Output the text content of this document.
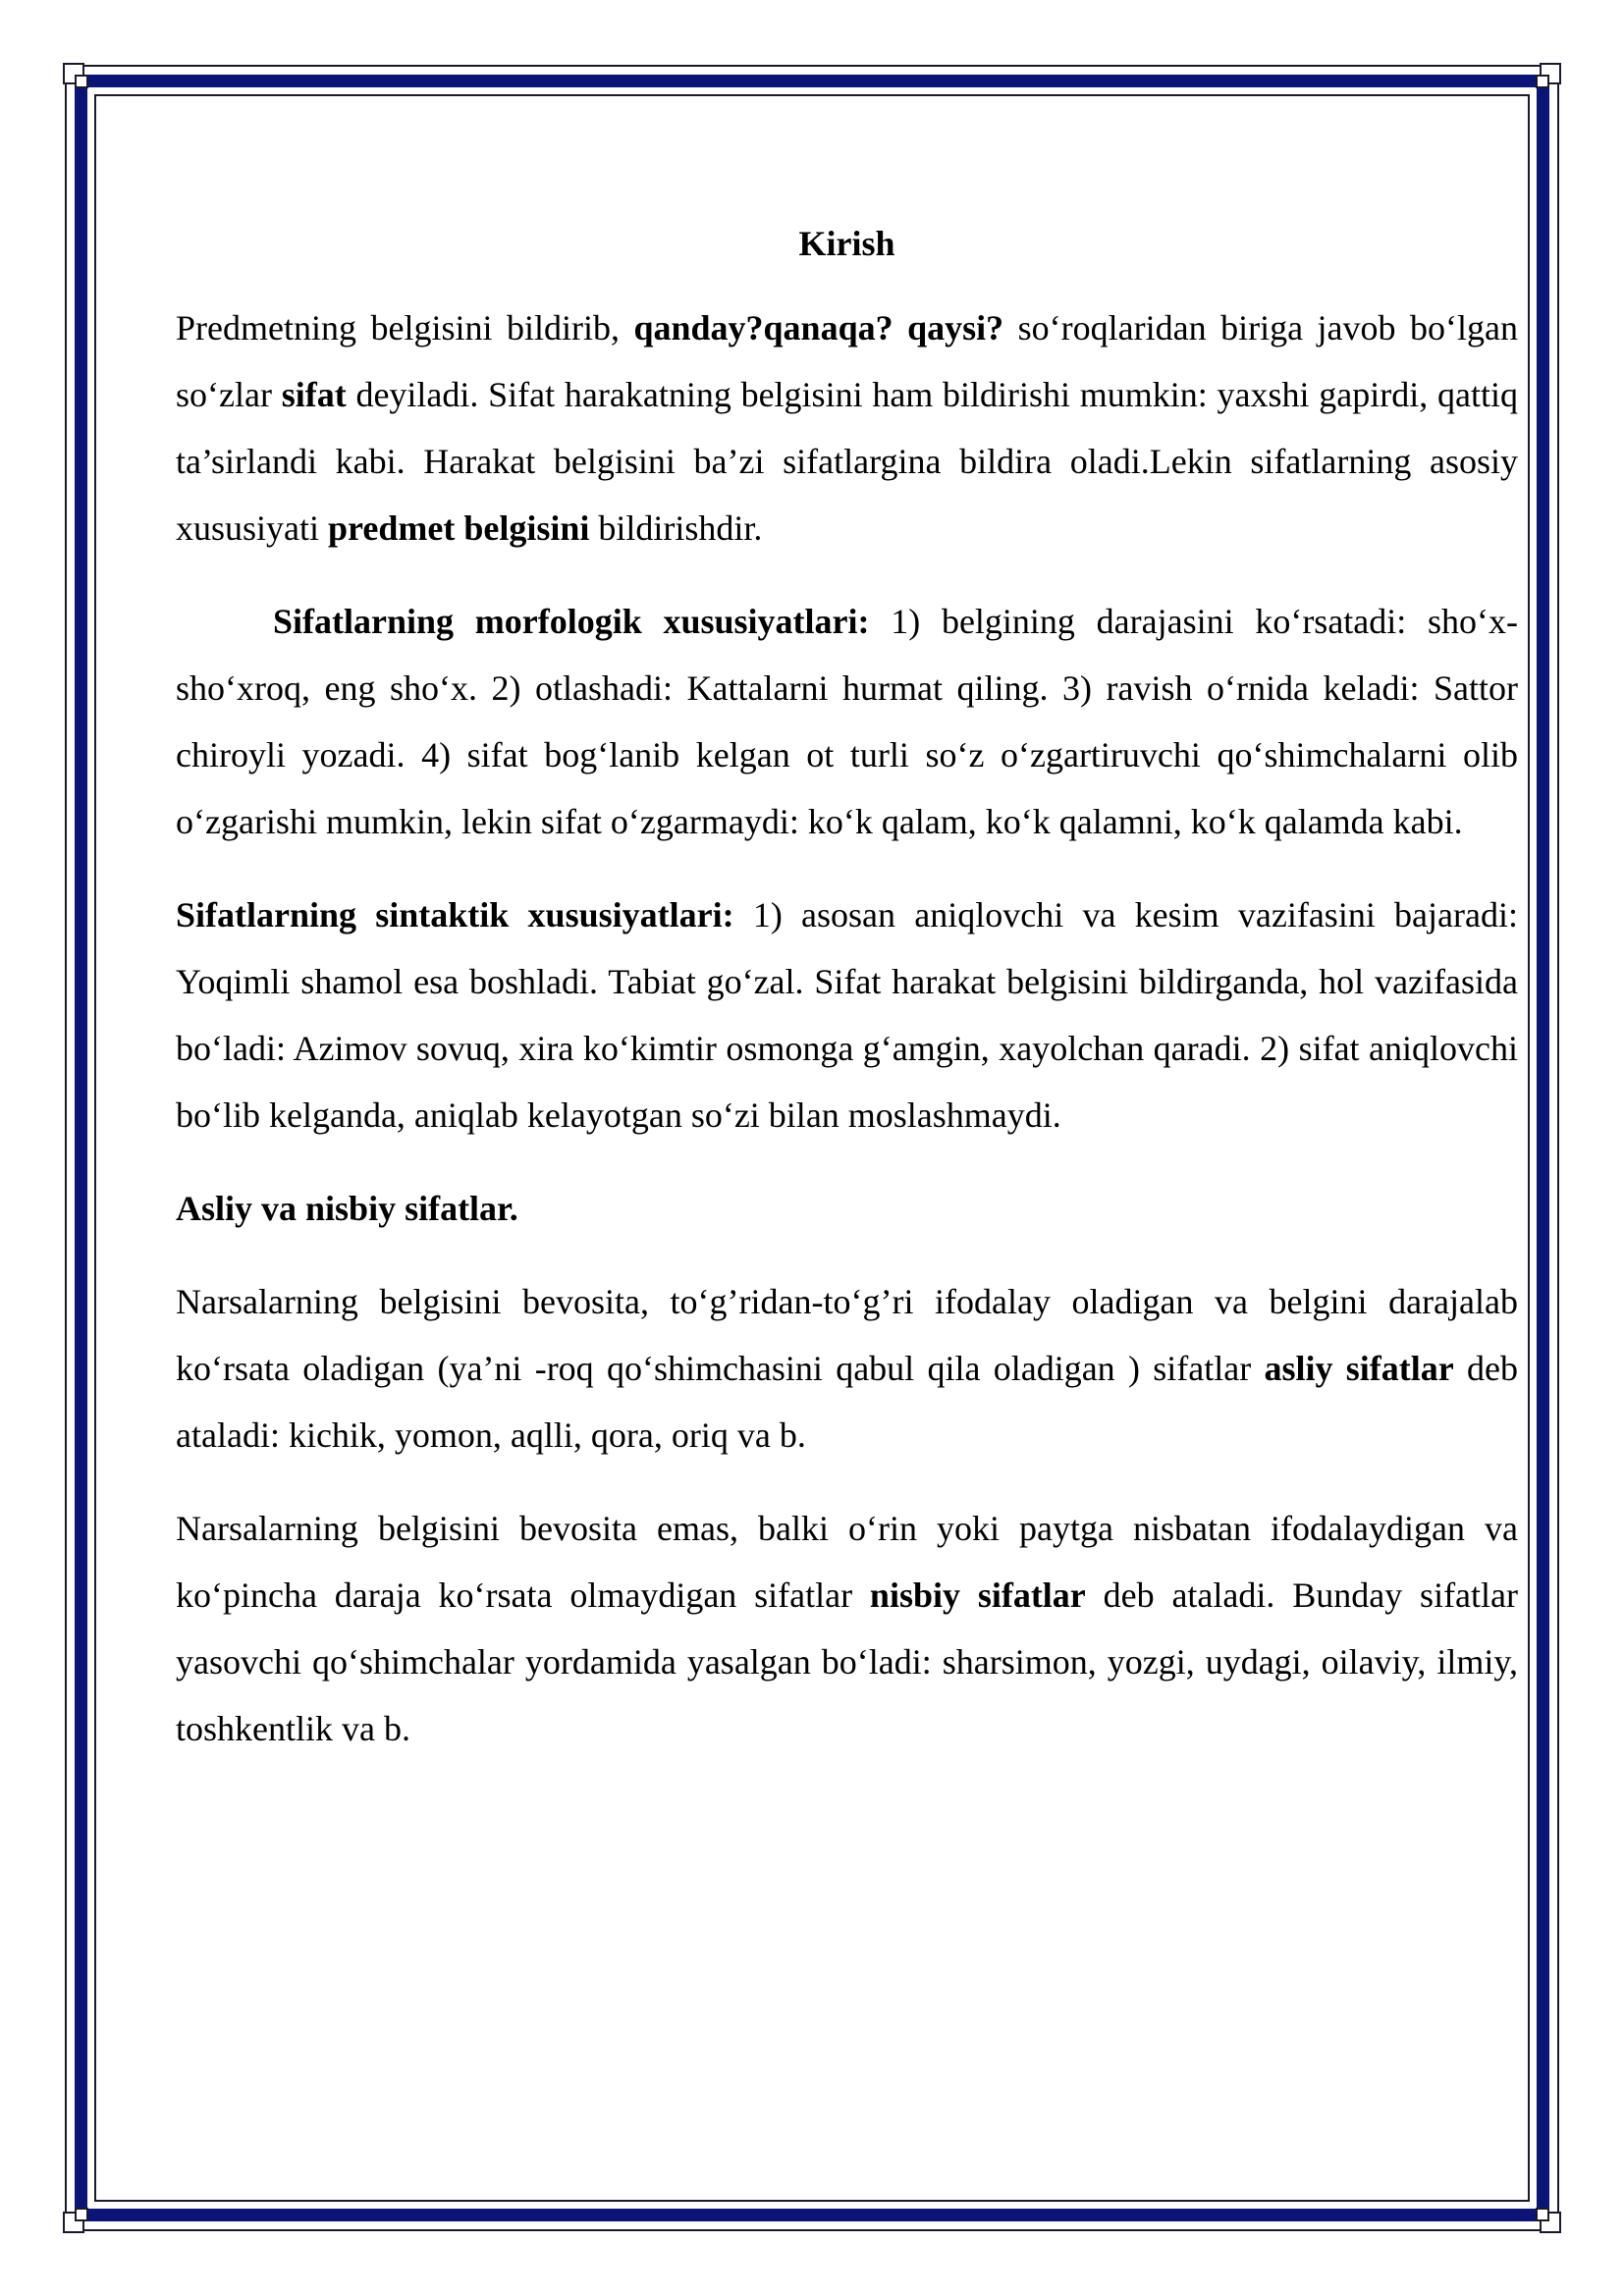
Kirish

Predmetning belgisini bildirib, qanday?qanaqa? qaysi? so‘roqlaridan biriga javob bo‘lgan so‘zlar sifat deyiladi. Sifat harakatning belgisini ham bildirishi mumkin: yaxshi gapirdi, qattiq ta’sirlandi kabi. Harakat belgisini ba’zi sifatlargina bildira oladi.Lekin sifatlarning asosiy xususiyati predmet belgisini bildirishdir.

Sifatlarning morfologik xususiyatlari: 1) belgining darajasini ko‘rsatadi: sho‘x-sho‘xroq, eng sho‘x. 2) otlashadi: Kattalarni hurmat qiling. 3) ravish o‘rnida keladi: Sattor chiroyli yozadi. 4) sifat bog‘lanib kelgan ot turli so‘z o‘zgartiruvchi qo‘shimchalarni olib o‘zgarishi mumkin, lekin sifat o‘zgarmaydi: ko‘k qalam, ko‘k qalamni, ko‘k qalamda kabi.

Sifatlarning sintaktik xususiyatlari: 1) asosan aniqlovchi va kesim vazifasini bajaradi: Yoqimli shamol esa boshladi. Tabiat go‘zal. Sifat harakat belgisini bildirganda, hol vazifasida bo‘ladi: Azimov sovuq, xira ko‘kimtir osmonga g‘amgin, xayolchan qaradi. 2) sifat aniqlovchi bo‘lib kelganda, aniqlab kelayotgan so‘zi bilan moslashmaydi.

Asliy va nisbiy sifatlar.

Narsalarning belgisini bevosita, to‘g’ridan-to‘g’ri ifodalay oladigan va belgini darajalab ko‘rsata oladigan (ya’ni -roq qo‘shimchasini qabul qila oladigan ) sifatlar asliy sifatlar deb ataladi: kichik, yomon, aqlli, qora, oriq va b.

Narsalarning belgisini bevosita emas, balki o‘rin yoki paytga nisbatan ifodalaydigan va ko‘pincha daraja ko‘rsata olmaydigan sifatlar nisbiy sifatlar deb ataladi. Bunday sifatlar yasovchi qo‘shimchalar yordamida yasalgan bo‘ladi: sharsimon, yozgi, uydagi, oilaviy, ilmiy, toshkentlik va b.
